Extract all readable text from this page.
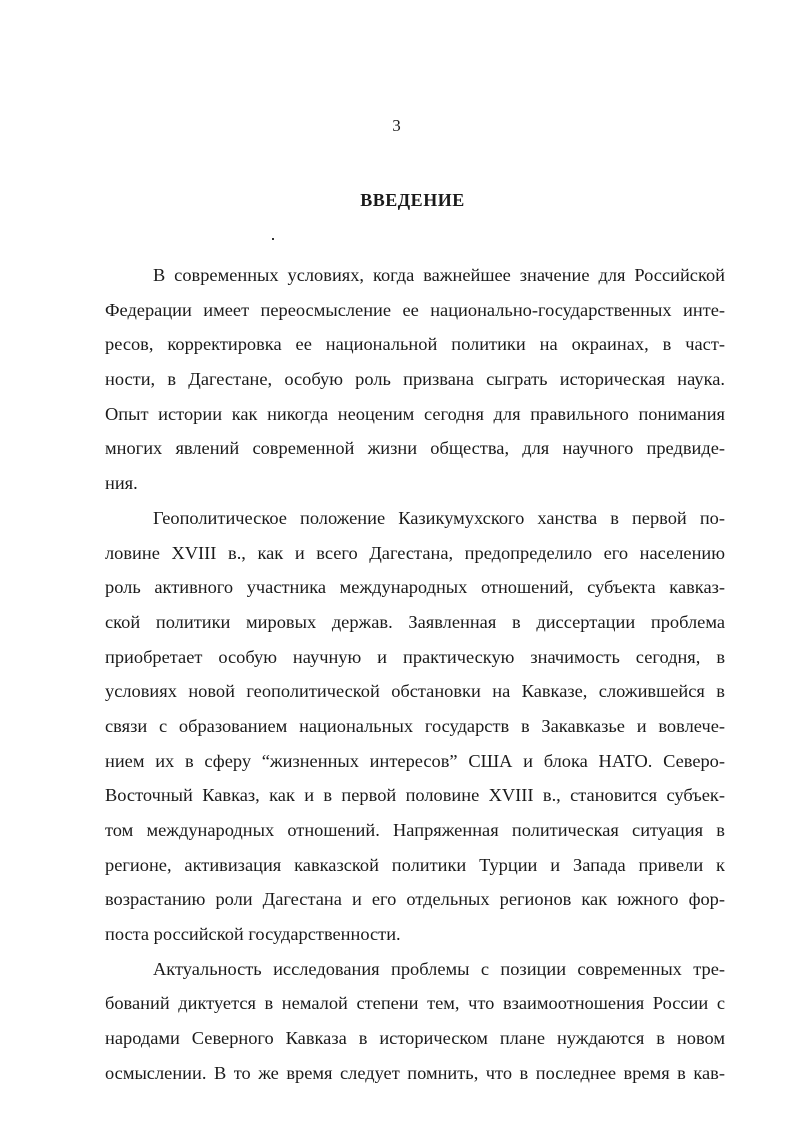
3

ВВЕДЕНИЕ

В современных условиях, когда важнейшее значение для Российской

Федерации имеет переосмысление ее национально-государственных инте-

ресов, корректировка ее национальной политики на окраинах, в част-

ности, в Дагестане, особую роль призвана сыграть историческая наука.

Опыт истории как никогда неоценим сегодня для правильного понимания

многих явлений современной жизни общества, для научного предвиде-

ния.

Геополитическое положение Казикумухского ханства в первой по-

ловине XVIII в., как и всего Дагестана, предопределило его населению

роль активного участника международных отношений, субъекта кавказ-

ской политики мировых держав. Заявленная в диссертации проблема

приобретает особую научную и практическую значимость сегодня, в

условиях новой геополитической обстановки на Кавказе, сложившейся в

связи с образованием национальных государств в Закавказье и вовлече-

нием их в сферу “жизненных интересов” США и блока НАТО. Северо-

Восточный Кавказ, как и в первой половине XVIII в., становится субъек-

том международных отношений. Напряженная политическая ситуация в

регионе, активизация кавказской политики Турции и Запада привели к

возрастанию роли Дагестана и его отдельных регионов как южного фор-

поста российской государственности.

Актуальность исследования проблемы с позиции современных тре-

бований диктуется в немалой степени тем, что взаимоотношения России с

народами Северного Кавказа в историческом плане нуждаются в новом

осмыслении. В то же время следует помнить, что в последнее время в кав-
